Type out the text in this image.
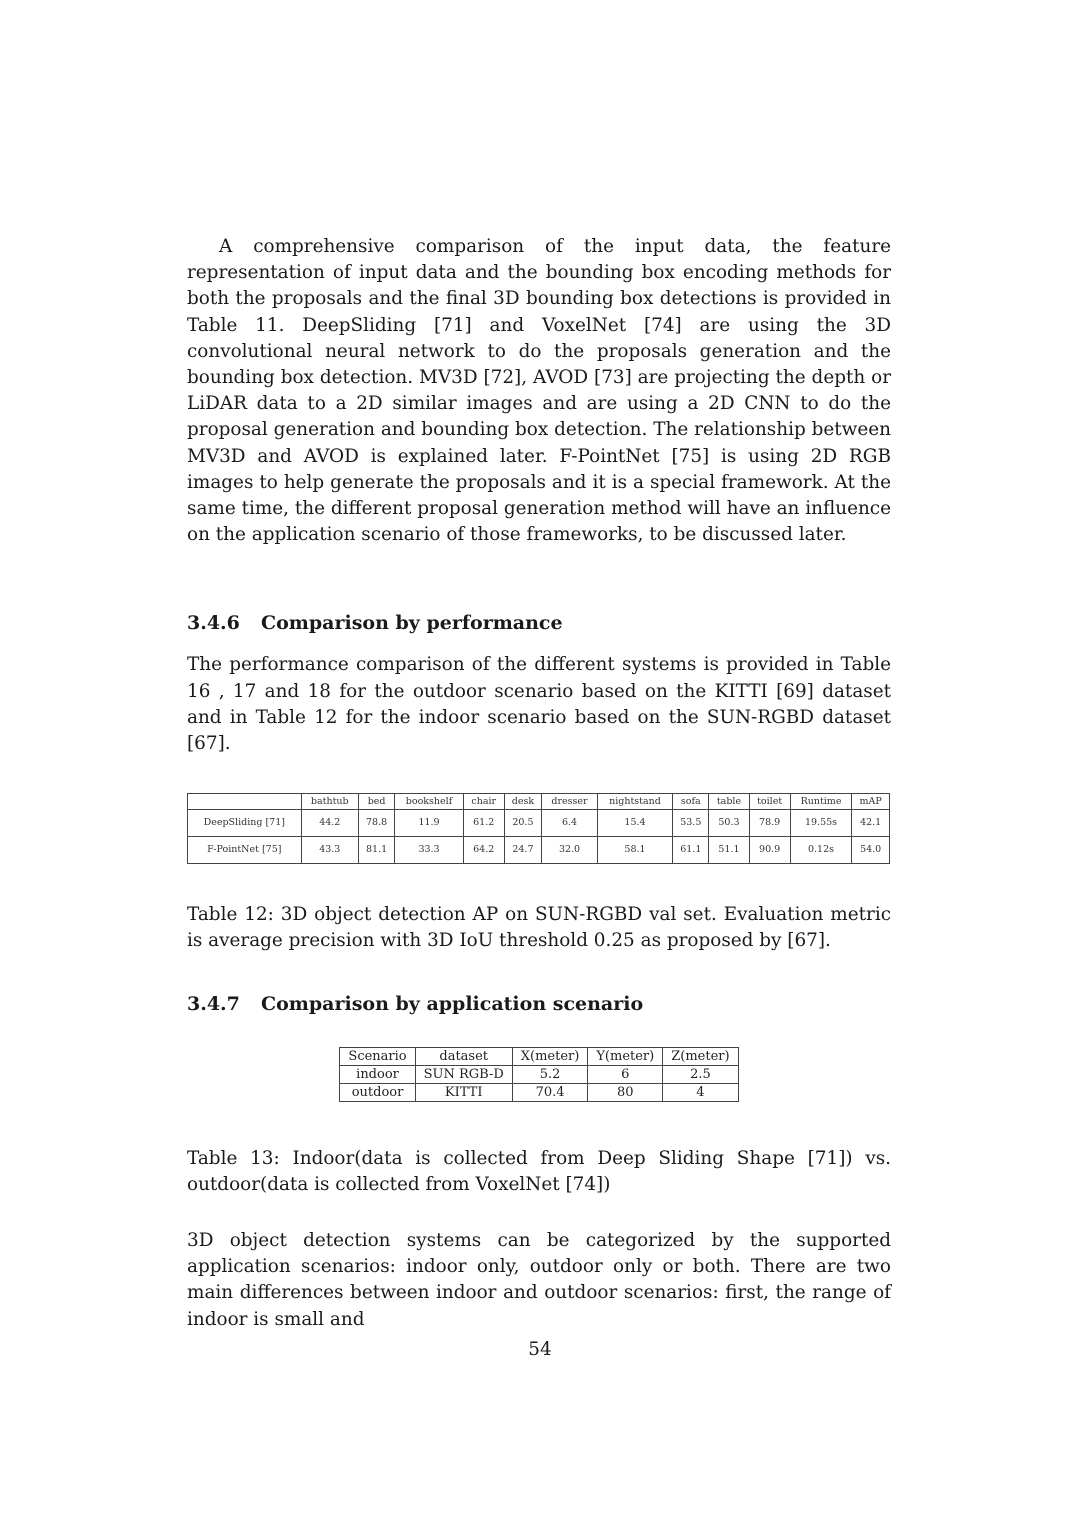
A comprehensive comparison of the input data, the feature representation of input data and the bounding box encoding methods for both the proposals and the final 3D bounding box detections is provided in Table 11. DeepSliding [71] and VoxelNet [74] are using the 3D convolutional neural network to do the proposals generation and the bounding box detection. MV3D [72], AVOD [73] are projecting the depth or LiDAR data to a 2D similar images and are using a 2D CNN to do the proposal generation and bounding box detection. The relationship between MV3D and AVOD is explained later. F-PointNet [75] is using 2D RGB images to help generate the proposals and it is a special framework. At the same time, the different proposal generation method will have an influence on the application scenario of those frameworks, to be discussed later.

3.4.6	Comparison by performance

The performance comparison of the different systems is provided in Table 16 , 17 and 18 for the outdoor scenario based on the KITTI [69] dataset and in Table 12 for the indoor scenario based on the SUN-RGBD dataset [67].

	bathtub	bed	bookshelf	chair	desk	dresser	nightstand	sofa	table	toilet	Runtime	mAP
DeepSliding [71]	44.2	78.8	11.9	61.2	20.5	6.4	15.4	53.5	50.3	78.9	19.55s	42.1
F-PointNet [75]	43.3	81.1	33.3	64.2	24.7	32.0	58.1	61.1	51.1	90.9	0.12s	54.0

Table 12: 3D object detection AP on SUN-RGBD val set. Evaluation metric is average precision with 3D IoU threshold 0.25 as proposed by [67].

3.4.7	Comparison by application scenario
Scenario	dataset	X(meter)	Y(meter)	Z(meter)
indoor	SUN RGB-D	5.2	6	2.5
outdoor	KITTI	70.4	80	4

Table 13: Indoor(data is collected from Deep Sliding Shape [71]) vs. outdoor(data is collected from VoxelNet [74])

3D object detection systems can be categorized by the supported application scenarios: indoor only, outdoor only or both. There are two main differences between indoor and outdoor scenarios: first, the range of indoor is small and

54
